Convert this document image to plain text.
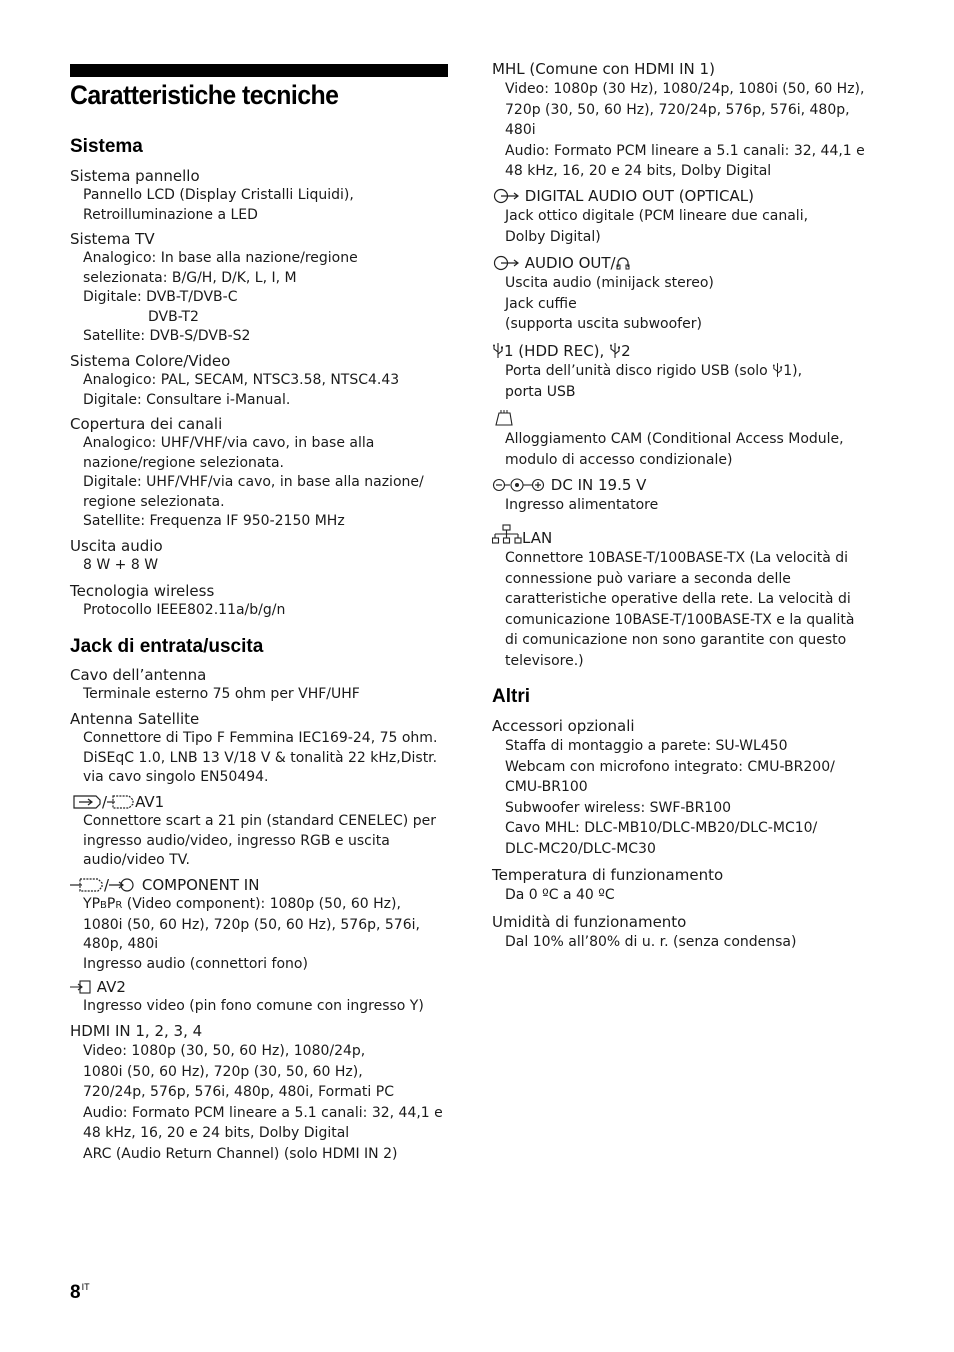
Caratteristiche tecniche
Sistema
Sistema pannello
Pannello LCD (Display Cristalli Liquidi),
Retroilluminazione a LED
Sistema TV
Analogico: In base alla nazione/regione
selezionata: B/G/H, D/K, L, I, M
Digitale: DVB-T/DVB-C
DVB-T2
Satellite: DVB-S/DVB-S2
Sistema Colore/Video
Analogico: PAL, SECAM, NTSC3.58, NTSC4.43
Digitale: Consultare i-Manual.
Copertura dei canali
Analogico: UHF/VHF/via cavo, in base alla
nazione/regione selezionata.
Digitale: UHF/VHF/via cavo, in base alla nazione/
regione selezionata.
Satellite: Frequenza IF 950-2150 MHz
Uscita audio
8 W + 8 W
Tecnologia wireless
Protocollo IEEE802.11a/b/g/n
Jack di entrata/uscita
Cavo dell’antenna
Terminale esterno 75 ohm per VHF/UHF
Antenna Satellite
Connettore di Tipo F Femmina IEC169-24, 75 ohm.
DiSEqC 1.0, LNB 13 V/18 V & tonalità 22 kHz,Distr.
via cavo singolo EN50494.
/ AV1
Connettore scart a 21 pin (standard CENELEC) per
ingresso audio/video, ingresso RGB e uscita
audio/video TV.
/ COMPONENT IN
YPBPR (Video component): 1080p (50, 60 Hz),
1080i (50, 60 Hz), 720p (50, 60 Hz), 576p, 576i,
480p, 480i
Ingresso audio (connettori fono)
AV2
Ingresso video (pin fono comune con ingresso Y)
HDMI IN 1, 2, 3, 4
Video: 1080p (30, 50, 60 Hz), 1080/24p,
1080i (50, 60 Hz), 720p (30, 50, 60 Hz),
720/24p, 576p, 576i, 480p, 480i, Formati PC
Audio: Formato PCM lineare a 5.1 canali: 32, 44,1 e
48 kHz, 16, 20 e 24 bits, Dolby Digital
ARC (Audio Return Channel) (solo HDMI IN 2)
MHL (Comune con HDMI IN 1)
Video: 1080p (30 Hz), 1080/24p, 1080i (50, 60 Hz),
720p (30, 50, 60 Hz), 720/24p, 576p, 576i, 480p,
480i
Audio: Formato PCM lineare a 5.1 canali: 32, 44,1 e
48 kHz, 16, 20 e 24 bits, Dolby Digital
DIGITAL AUDIO OUT (OPTICAL)
Jack ottico digitale (PCM lineare due canali,
Dolby Digital)
AUDIO OUT/
Uscita audio (minijack stereo)
Jack cuffie
(supporta uscita subwoofer)
1 (HDD REC),
2
Porta dell’unità disco rigido USB (solo
1),
porta USB
Alloggiamento CAM (Conditional Access Module,
modulo di accesso condizionale)
DC IN 19.5 V
Ingresso alimentatore
LAN
Connettore 10BASE-T/100BASE-TX (La velocità di
connessione può variare a seconda delle
caratteristiche operative della rete. La velocità di
comunicazione 10BASE-T/100BASE-TX e la qualità
di comunicazione non sono garantite con questo
televisore.)
Altri
Accessori opzionali
Staffa di montaggio a parete: SU-WL450
Webcam con microfono integrato: CMU-BR200/
CMU-BR100
Subwoofer wireless: SWF-BR100
Cavo MHL: DLC-MB10/DLC-MB20/DLC-MC10/
DLC-MC20/DLC-MC30
Temperatura di funzionamento
Da 0 ºC a 40 ºC
Umidità di funzionamento
Dal 10% all’80% di u. r. (senza condensa)
$8^{IT}$
